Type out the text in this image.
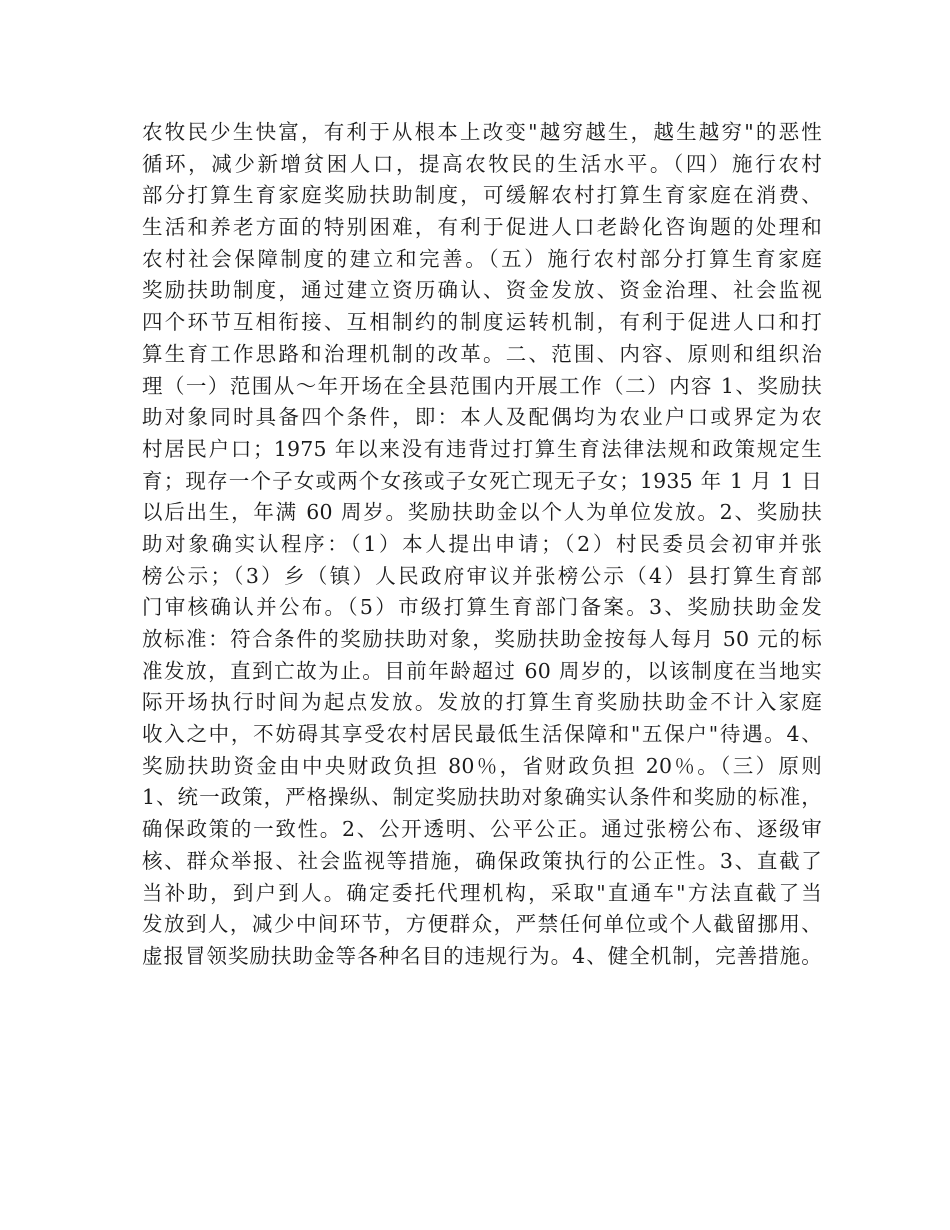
农牧民少生快富，有利于从根本上改变"越穷越生，越生越穷"的恶性
循环，减少新增贫困人口，提高农牧民的生活水平。（四）施行农村
部分打算生育家庭奖励扶助制度，可缓解农村打算生育家庭在消费、
生活和养老方面的特别困难，有利于促进人口老龄化咨询题的处理和
农村社会保障制度的建立和完善。（五）施行农村部分打算生育家庭
奖励扶助制度，通过建立资历确认、资金发放、资金治理、社会监视
四个环节互相衔接、互相制约的制度运转机制，有利于促进人口和打
算生育工作思路和治理机制的改革。二、范围、内容、原则和组织治
理（一）范围从～年开场在全县范围内开展工作（二）内容 1、奖励扶
助对象同时具备四个条件，即：本人及配偶均为农业户口或界定为农
村居民户口；1975 年以来没有违背过打算生育法律法规和政策规定生
育；现存一个子女或两个女孩或子女死亡现无子女；1935 年 1 月 1 日
以后出生，年满 60 周岁。奖励扶助金以个人为单位发放。2、奖励扶
助对象确实认程序：（1）本人提出申请；（2）村民委员会初审并张
榜公示；（3）乡（镇）人民政府审议并张榜公示（4）县打算生育部
门审核确认并公布。（5）市级打算生育部门备案。3、奖励扶助金发
放标准：符合条件的奖励扶助对象，奖励扶助金按每人每月 50 元的标
准发放，直到亡故为止。目前年龄超过 60 周岁的，以该制度在当地实
际开场执行时间为起点发放。发放的打算生育奖励扶助金不计入家庭
收入之中，不妨碍其享受农村居民最低生活保障和"五保户"待遇。4、
奖励扶助资金由中央财政负担 80％，省财政负担 20％。（三）原则
1、统一政策，严格操纵、制定奖励扶助对象确实认条件和奖励的标准，
确保政策的一致性。2、公开透明、公平公正。通过张榜公布、逐级审
核、群众举报、社会监视等措施，确保政策执行的公正性。3、直截了
当补助，到户到人。确定委托代理机构，采取"直通车"方法直截了当
发放到人，减少中间环节，方便群众，严禁任何单位或个人截留挪用、
虚报冒领奖励扶助金等各种名目的违规行为。4、健全机制，完善措施。
